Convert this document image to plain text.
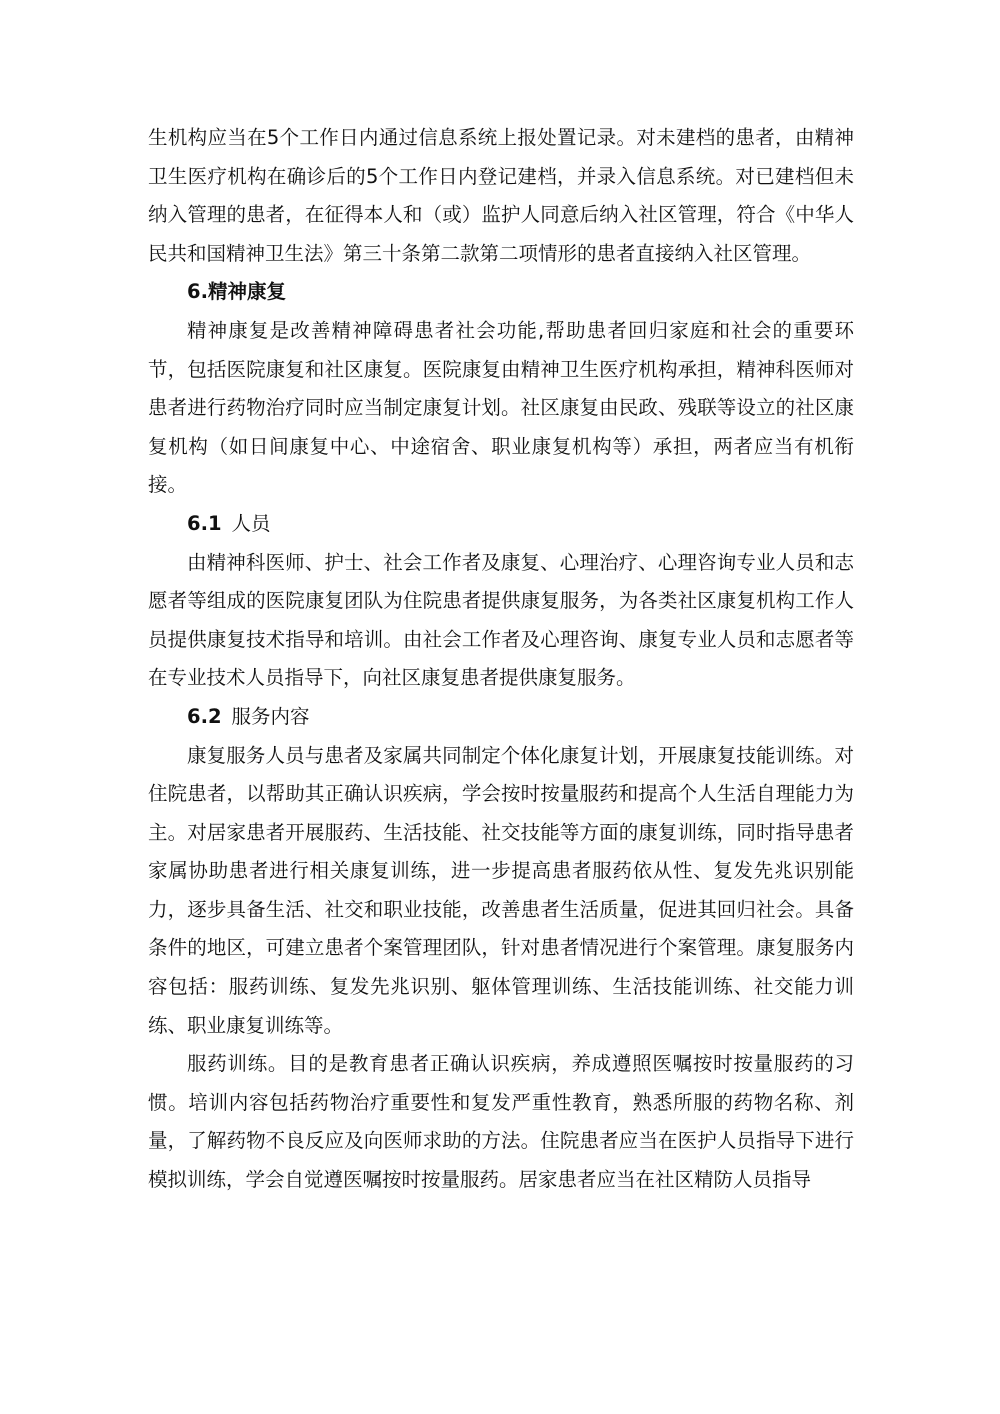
生机构应当在5个工作日内通过信息系统上报处置记录。对未建档的患者，由精神卫生医疗机构在确诊后的5个工作日内登记建档，并录入信息系统。对已建档但未纳入管理的患者，在征得本人和（或）监护人同意后纳入社区管理，符合《中华人民共和国精神卫生法》第三十条第二款第二项情形的患者直接纳入社区管理。

6.精神康复

精神康复是改善精神障碍患者社会功能,帮助患者回归家庭和社会的重要环节，包括医院康复和社区康复。医院康复由精神卫生医疗机构承担，精神科医师对患者进行药物治疗同时应当制定康复计划。社区康复由民政、残联等设立的社区康复机构（如日间康复中心、中途宿舍、职业康复机构等）承担，两者应当有机衔接。

6.1 人员

由精神科医师、护士、社会工作者及康复、心理治疗、心理咨询专业人员和志愿者等组成的医院康复团队为住院患者提供康复服务，为各类社区康复机构工作人员提供康复技术指导和培训。由社会工作者及心理咨询、康复专业人员和志愿者等在专业技术人员指导下，向社区康复患者提供康复服务。

6.2 服务内容

康复服务人员与患者及家属共同制定个体化康复计划，开展康复技能训练。对住院患者，以帮助其正确认识疾病，学会按时按量服药和提高个人生活自理能力为主。对居家患者开展服药、生活技能、社交技能等方面的康复训练，同时指导患者家属协助患者进行相关康复训练，进一步提高患者服药依从性、复发先兆识别能力，逐步具备生活、社交和职业技能，改善患者生活质量，促进其回归社会。具备条件的地区，可建立患者个案管理团队，针对患者情况进行个案管理。康复服务内容包括：服药训练、复发先兆识别、躯体管理训练、生活技能训练、社交能力训练、职业康复训练等。

服药训练。目的是教育患者正确认识疾病，养成遵照医嘱按时按量服药的习惯。培训内容包括药物治疗重要性和复发严重性教育，熟悉所服的药物名称、剂量，了解药物不良反应及向医师求助的方法。住院患者应当在医护人员指导下进行模拟训练，学会自觉遵医嘱按时按量服药。居家患者应当在社区精防人员指导
